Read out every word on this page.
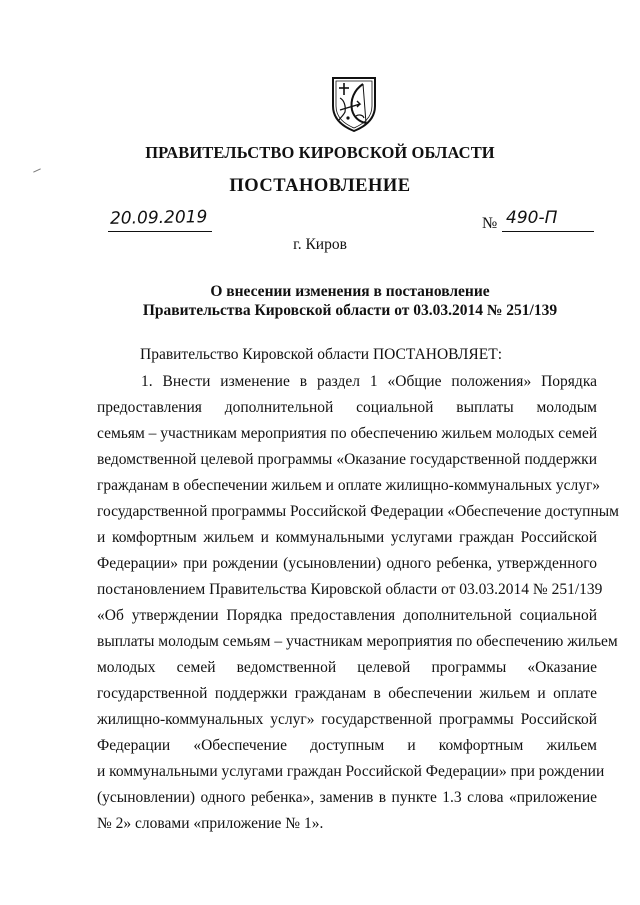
ПРАВИТЕЛЬСТВО КИРОВСКОЙ ОБЛАСТИ
ПОСТАНОВЛЕНИЕ
20.09.2019	№ 490-П
г. Киров
О внесении изменения в постановление
Правительства Кировской области от 03.03.2014 № 251/139
Правительство Кировской области ПОСТАНОВЛЯЕТ:
1. Внести изменение в раздел 1 «Общие положения» Порядка
предоставления дополнительной социальной выплаты молодым
семьям – участникам мероприятия по обеспечению жильем молодых семей
ведомственной целевой программы «Оказание государственной поддержки
гражданам в обеспечении жильем и оплате жилищно-коммунальных услуг»
государственной программы Российской Федерации «Обеспечение доступным
и комфортным жильем и коммунальными услугами граждан Российской
Федерации» при рождении (усыновлении) одного ребенка, утвержденного
постановлением Правительства Кировской области от 03.03.2014 № 251/139
«Об утверждении Порядка предоставления дополнительной социальной
выплаты молодым семьям – участникам мероприятия по обеспечению жильем
молодых семей ведомственной целевой программы «Оказание
государственной поддержки гражданам в обеспечении жильем и оплате
жилищно-коммунальных услуг» государственной программы Российской
Федерации «Обеспечение доступным и комфортным жильем
и коммунальными услугами граждан Российской Федерации» при рождении
(усыновлении) одного ребенка», заменив в пункте 1.3 слова «приложение
№ 2» словами «приложение № 1».
